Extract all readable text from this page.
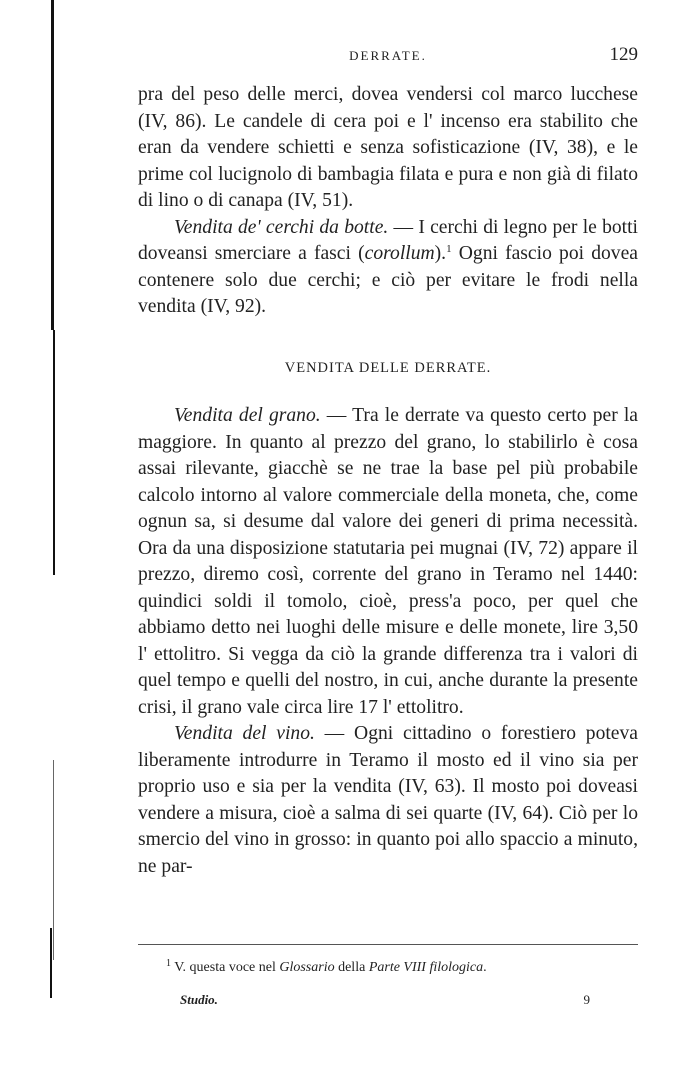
DERRATE.	129

pra del peso delle merci, dovea vendersi col marco lucchese (IV, 86). Le candele di cera poi e l' incenso era stabilito che eran da vendere schietti e senza sofisticazione (IV, 38), e le prime col lucignolo di bambagia filata e pura e non già di filato di lino o di canapa (IV, 51).

Vendita de' cerchi da botte. — I cerchi di legno per le botti doveansi smerciare a fasci (corollum).$^1$ Ogni fascio poi dovea contenere solo due cerchi; e ciò per evitare le frodi nella vendita (IV, 92).

VENDITA DELLE DERRATE.

Vendita del grano. — Tra le derrate va questo certo per la maggiore. In quanto al prezzo del grano, lo stabilirlo è cosa assai rilevante, giacchè se ne trae la base pel più probabile calcolo intorno al valore commerciale della moneta, che, come ognun sa, si desume dal valore dei generi di prima necessità. Ora da una disposizione statutaria pei mugnai (IV, 72) appare il prezzo, diremo così, corrente del grano in Teramo nel 1440: quindici soldi il tomolo, cioè, press'a poco, per quel che abbiamo detto nei luoghi delle misure e delle monete, lire 3,50 l' ettolitro. Si vegga da ciò la grande differenza tra i valori di quel tempo e quelli del nostro, in cui, anche durante la presente crisi, il grano vale circa lire 17 l' ettolitro.

Vendita del vino. — Ogni cittadino o forestiero poteva liberamente introdurre in Teramo il mosto ed il vino sia per proprio uso e sia per la vendita (IV, 63). Il mosto poi doveasi vendere a misura, cioè a salma di sei quarte (IV, 64). Ciò per lo smercio del vino in grosso: in quanto poi allo spaccio a minuto, ne par-

$^1$ V. questa voce nel Glossario della Parte VIII filologica.
Studio.	9
